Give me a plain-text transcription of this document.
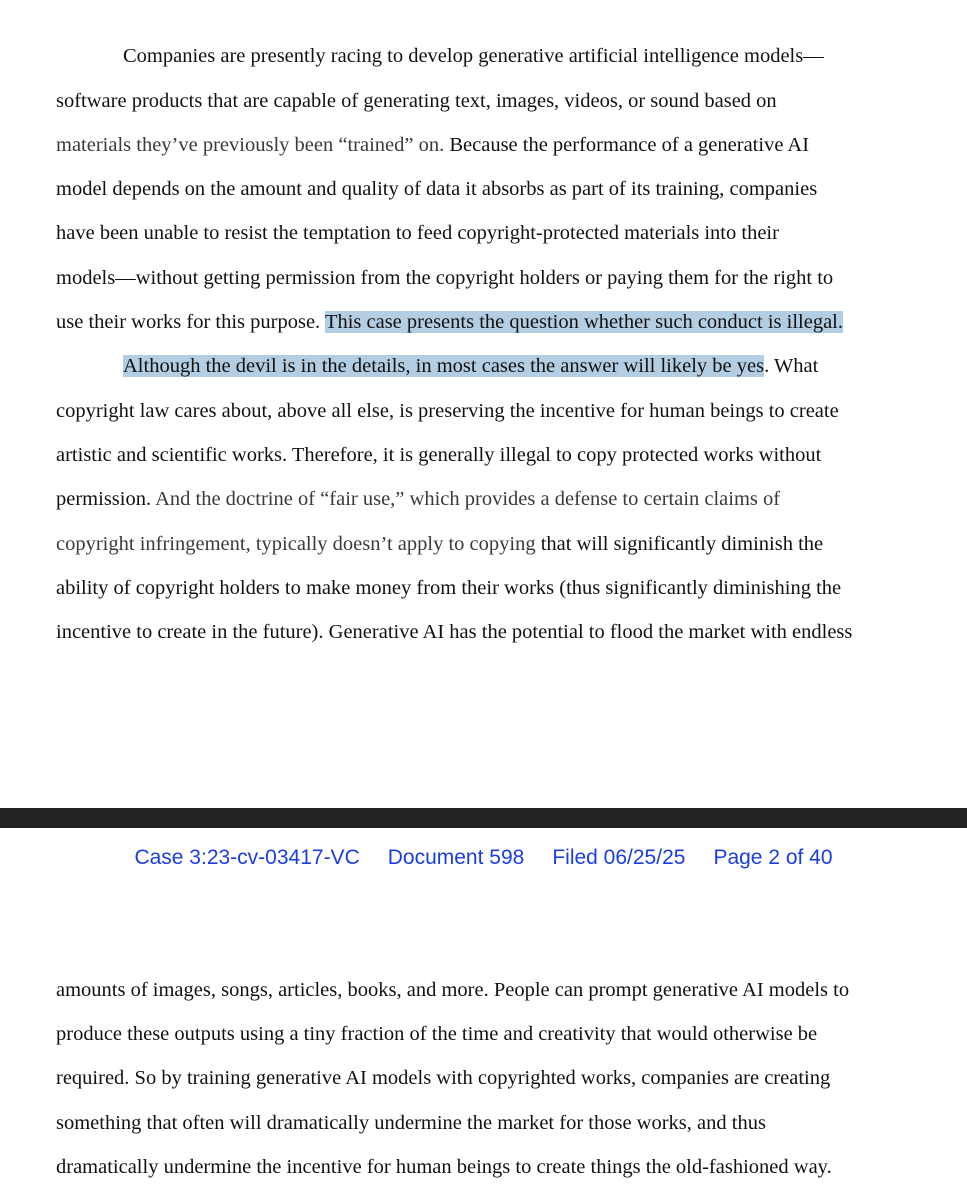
Companies are presently racing to develop generative artificial intelligence models—
software products that are capable of generating text, images, videos, or sound based on
materials they’ve previously been “trained” on. Because the performance of a generative AI
model depends on the amount and quality of data it absorbs as part of its training, companies
have been unable to resist the temptation to feed copyright-protected materials into their
models—without getting permission from the copyright holders or paying them for the right to
use their works for this purpose. This case presents the question whether such conduct is illegal.
Although the devil is in the details, in most cases the answer will likely be yes. What
copyright law cares about, above all else, is preserving the incentive for human beings to create
artistic and scientific works. Therefore, it is generally illegal to copy protected works without
permission. And the doctrine of “fair use,” which provides a defense to certain claims of
copyright infringement, typically doesn’t apply to copying that will significantly diminish the
ability of copyright holders to make money from their works (thus significantly diminishing the
incentive to create in the future). Generative AI has the potential to flood the market with endless
Case 3:23-cv-03417-VC Document 598 Filed 06/25/25 Page 2 of 40
amounts of images, songs, articles, books, and more. People can prompt generative AI models to
produce these outputs using a tiny fraction of the time and creativity that would otherwise be
required. So by training generative AI models with copyrighted works, companies are creating
something that often will dramatically undermine the market for those works, and thus
dramatically undermine the incentive for human beings to create things the old-fashioned way.
